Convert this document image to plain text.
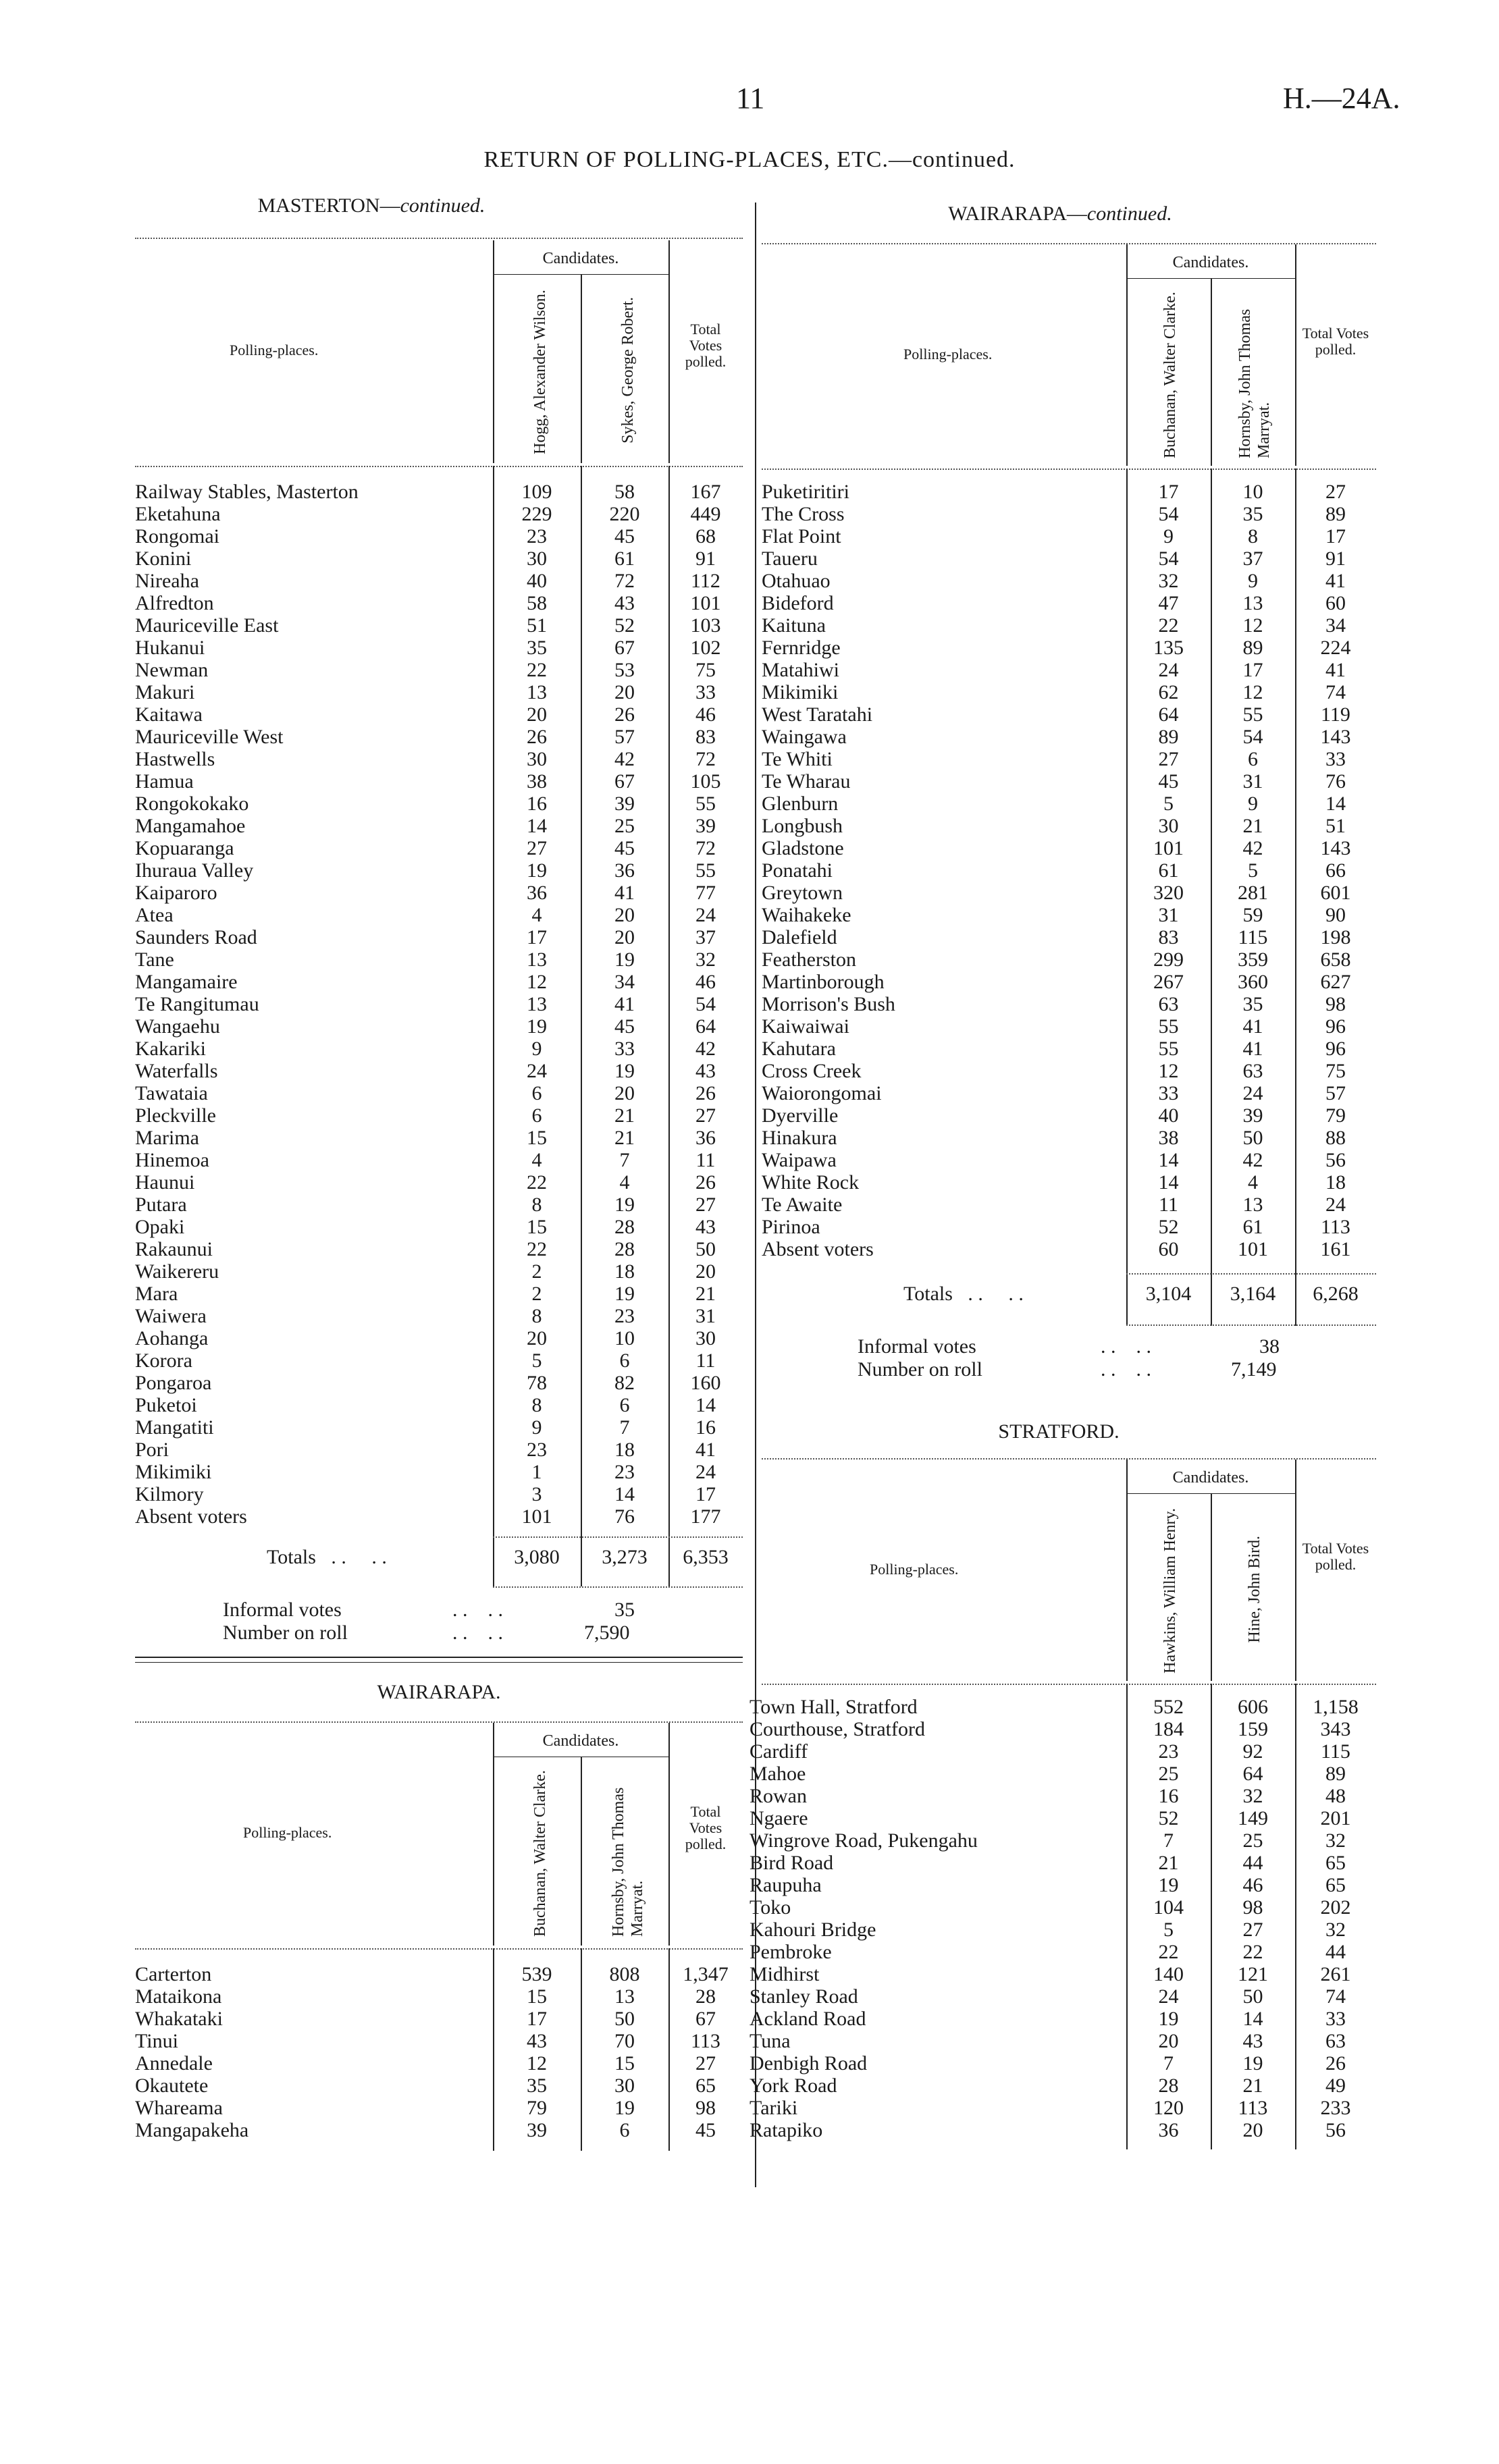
11	H.—24A.
RETURN OF POLLING-PLACES, ETC.—continued.
MASTERTON—continued.
Polling-places.
Candidates.
Hogg, Alexander Wilson.	Sykes, George Robert.	Total Votes polled.
Railway Stables, Masterton	109	58	167
Eketahuna	229	220	449
Rongomai	23	45	68
Konini	30	61	91
Nireaha	40	72	112
Alfredton	58	43	101
Mauriceville East	51	52	103
Hukanui	35	67	102
Newman	22	53	75
Makuri	13	20	33
Kaitawa	20	26	46
Mauriceville West	26	57	83
Hastwells	30	42	72
Hamua	38	67	105
Rongokokako	16	39	55
Mangamahoe	14	25	39
Kopuaranga	27	45	72
Ihuraua Valley	19	36	55
Kaiparoro	36	41	77
Atea	4	20	24
Saunders Road	17	20	37
Tane	13	19	32
Mangamaire	12	34	46
Te Rangitumau	13	41	54
Wangaehu	19	45	64
Kakariki	9	33	42
Waterfalls	24	19	43
Tawataia	6	20	26
Pleckville	6	21	27
Marima	15	21	36
Hinemoa	4	7	11
Haunui	22	4	26
Putara	8	19	27
Opaki	15	28	43
Rakaunui	22	28	50
Waikereru	2	18	20
Mara	2	19	21
Waiwera	8	23	31
Aohanga	20	10	30
Korora	5	6	11
Pongaroa	78	82	160
Puketoi	8	6	14
Mangatiti	9	7	16
Pori	23	18	41
Mikimiki	1	23	24
Kilmory	3	14	17
Absent voters	101	76	177
Totals   . .     . .	3,080	3,273	6,353
Informal votes	. .    . .	35
Number on roll	. .    . .	7,590
WAIRARAPA.
Polling-places.
Candidates.
Buchanan, Walter Clarke.	Hornsby, John Thomas Marryat.
Total Votes polled.
Carterton	539	808	1,347
Mataikona	15	13	28
Whakataki	17	50	67
Tinui	43	70	113
Annedale	12	15	27
Okautete	35	30	65
Whareama	79	19	98
Mangapakeha	39	6	45
WAIRARAPA—continued.
Polling-places.
Candidates.
Buchanan, Walter Clarke.	Hornsby, John Thomas Marryat.
Total Votes polled.
Puketiritiri	17	10	27
The Cross	54	35	89
Flat Point	9	8	17
Taueru	54	37	91
Otahuao	32	9	41
Bideford	47	13	60
Kaituna	22	12	34
Fernridge	135	89	224
Matahiwi	24	17	41
Mikimiki	62	12	74
West Taratahi	64	55	119
Waingawa	89	54	143
Te Whiti	27	6	33
Te Wharau	45	31	76
Glenburn	5	9	14
Longbush	30	21	51
Gladstone	101	42	143
Ponatahi	61	5	66
Greytown	320	281	601
Waihakeke	31	59	90
Dalefield	83	115	198
Featherston	299	359	658
Martinborough	267	360	627
Morrison's Bush	63	35	98
Kaiwaiwai	55	41	96
Kahutara	55	41	96
Cross Creek	12	63	75
Waiorongomai	33	24	57
Dyerville	40	39	79
Hinakura	38	50	88
Waipawa	14	42	56
White Rock	14	4	18
Te Awaite	11	13	24
Pirinoa	52	61	113
Absent voters	60	101	161
Totals   . .     . .	3,104	3,164	6,268
Informal votes	. .    . .	38
Number on roll	. .    . .	7,149
STRATFORD.
Polling-places.
Candidates.
Hawkins, William Henry.	Hine, John Bird.	Total Votes polled.
Town Hall, Stratford	552	606	1,158
Courthouse, Stratford	184	159	343
Cardiff	23	92	115
Mahoe	25	64	89
Rowan	16	32	48
Ngaere	52	149	201
Wingrove Road, Pukengahu	7	25	32
Bird Road	21	44	65
Raupuha	19	46	65
Toko	104	98	202
Kahouri Bridge	5	27	32
Pembroke	22	22	44
Midhirst	140	121	261
Stanley Road	24	50	74
Ackland Road	19	14	33
Tuna	20	43	63
Denbigh Road	7	19	26
York Road	28	21	49
Tariki	120	113	233
Ratapiko	36	20	56
